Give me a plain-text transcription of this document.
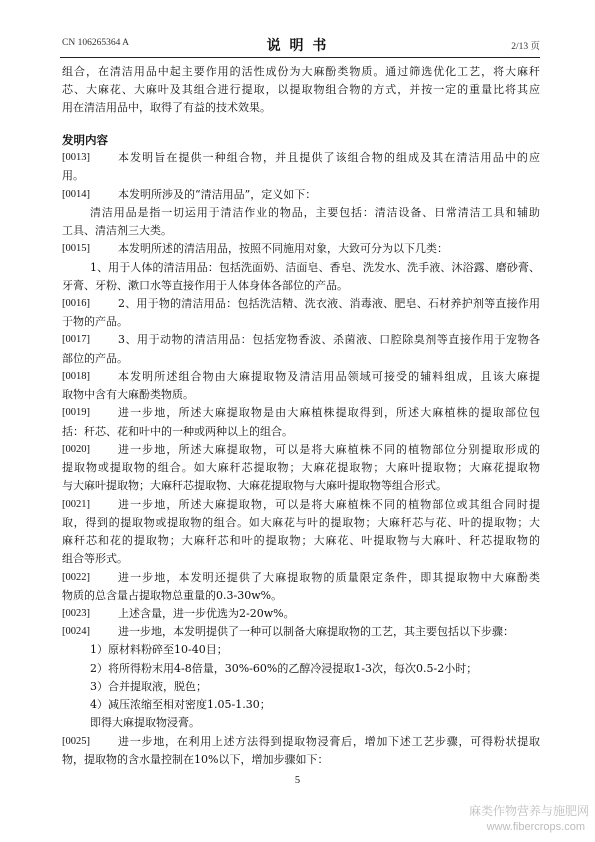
CN 106265364 A	说 明 书	2/13 页
组合，在清洁用品中起主要作用的活性成份为大麻酚类物质。通过筛选优化工艺，将大麻秆
芯、大麻花、大麻叶及其组合进行提取，以提取物组合物的方式，并按一定的重量比将其应
用在清洁用品中，取得了有益的技术效果。
发明内容
[0013]	本发明旨在提供一种组合物，并且提供了该组合物的组成及其在清洁用品中的应
用。
[0014]	本发明所涉及的“清洁用品”，定义如下：
清洁用品是指一切运用于清洁作业的物品，主要包括：清洁设备、日常清洁工具和辅助
工具、清洁剂三大类。
[0015]	本发明所述的清洁用品，按照不同施用对象，大致可分为以下几类：
1、用于人体的清洁用品：包括洗面奶、洁面皂、香皂、洗发水、洗手液、沐浴露、磨砂膏、
牙膏、牙粉、漱口水等直接作用于人体身体各部位的产品。
[0016]	2、用于物的清洁用品：包括洗洁精、洗衣液、消毒液、肥皂、石材养护剂等直接作用
于物的产品。
[0017]	3、用于动物的清洁用品：包括宠物香波、杀菌液、口腔除臭剂等直接作用于宠物各
部位的产品。
[0018]	本发明所述组合物由大麻提取物及清洁用品领域可接受的辅料组成，且该大麻提
取物中含有大麻酚类物质。
[0019]	进一步地，所述大麻提取物是由大麻植株提取得到，所述大麻植株的提取部位包
括：秆芯、花和叶中的一种或两种以上的组合。
[0020]	进一步地，所述大麻提取物，可以是将大麻植株不同的植物部位分别提取形成的
提取物或提取物的组合。如大麻秆芯提取物；大麻花提取物；大麻叶提取物；大麻花提取物
与大麻叶提取物；大麻秆芯提取物、大麻花提取物与大麻叶提取物等组合形式。
[0021]	进一步地，所述大麻提取物，可以是将大麻植株不同的植物部位或其组合同时提
取，得到的提取物或提取物的组合。如大麻花与叶的提取物；大麻秆芯与花、叶的提取物；大
麻秆芯和花的提取物；大麻秆芯和叶的提取物；大麻花、叶提取物与大麻叶、秆芯提取物的
组合等形式。
[0022]	进一步地，本发明还提供了大麻提取物的质量限定条件，即其提取物中大麻酚类
物质的总含量占提取物总重量的0.3-30w%。
[0023]	上述含量，进一步优选为2-20w%。
[0024]	进一步地，本发明提供了一种可以制备大麻提取物的工艺，其主要包括以下步骤：
1）原材料粉碎至10-40目；
2）将所得粉末用4-8倍量，30%-60%的乙醇冷浸提取1-3次，每次0.5-2小时；
3）合并提取液，脱色；
4）减压浓缩至相对密度1.05-1.30；
即得大麻提取物浸膏。
[0025]	进一步地，在利用上述方法得到提取物浸膏后，增加下述工艺步骤，可得粉状提取
物，提取物的含水量控制在10%以下，增加步骤如下：
5
麻类作物营养与施肥网
www.fibercrops.com
